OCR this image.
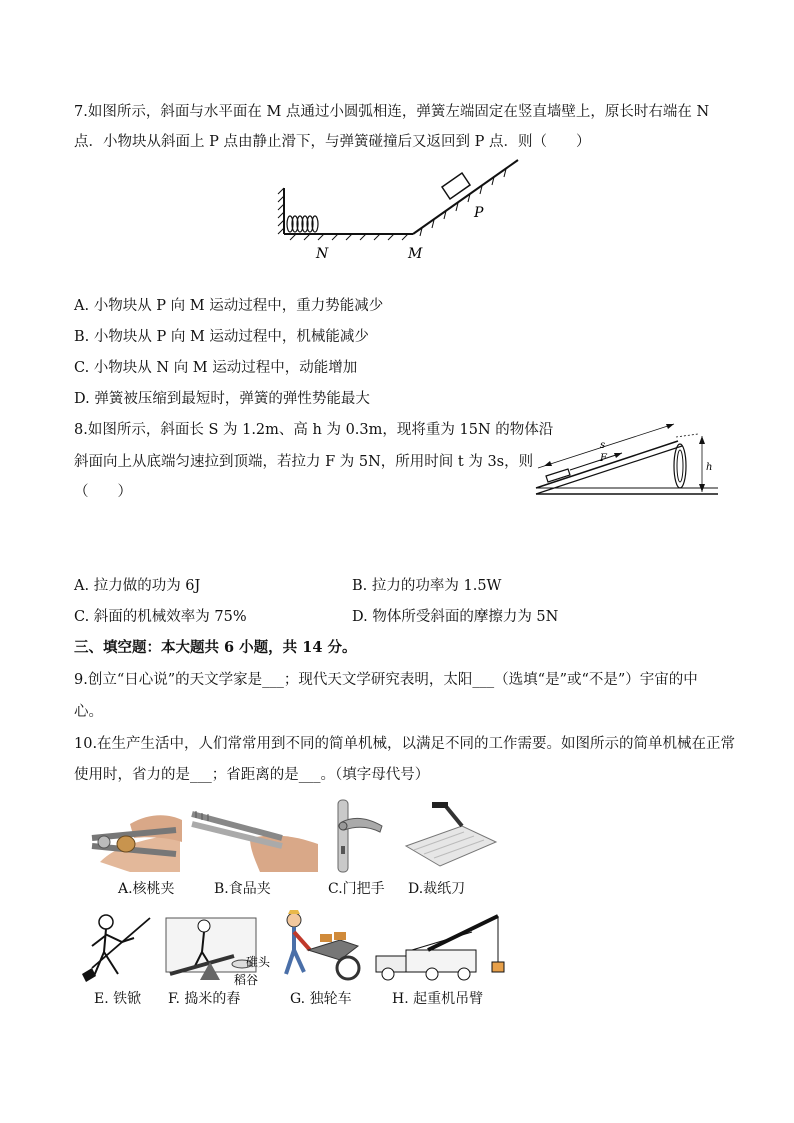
7.如图所示，斜面与水平面在 M 点通过小圆弧相连，弹簧左端固定在竖直墙壁上，原长时右端在 N
点．小物块从斜面上 P 点由静止滑下，与弹簧碰撞后又返回到 P 点．则（　　）
P
N	M
A. 小物块从 P 向 M 运动过程中，重力势能减少
B. 小物块从 P 向 M 运动过程中，机械能减少
C. 小物块从 N 向 M 运动过程中，动能增加
D. 弹簧被压缩到最短时，弹簧的弹性势能最大
8.如图所示，斜面长 S 为 1.2m、高 h 为 0.3m，现将重为 15N 的物体沿
斜面向上从底端匀速拉到顶端，若拉力 F 为 5N，所用时间 t 为 3s，则
（　　）
s
F
h
A. 拉力做的功为 6J	B. 拉力的功率为 1.5W
C. 斜面的机械效率为 75%	D. 物体所受斜面的摩擦力为 5N
三、填空题：本大题共 6 小题，共 14 分。
9.创立“日心说”的天文学家是___；现代天文学研究表明，太阳___（选填“是”或“不是”）宇宙的中
心。
10.在生产生活中，人们常常用到不同的简单机械，以满足不同的工作需要。如图所示的简单机械在正常
使用时，省力的是___；省距离的是___。（填字母代号）
A.核桃夹	B.食品夹	C.门把手 D.裁纸刀
碓头
稻谷
E. 铁锨 F. 捣米的舂	G. 独轮车	H. 起重机吊臂
